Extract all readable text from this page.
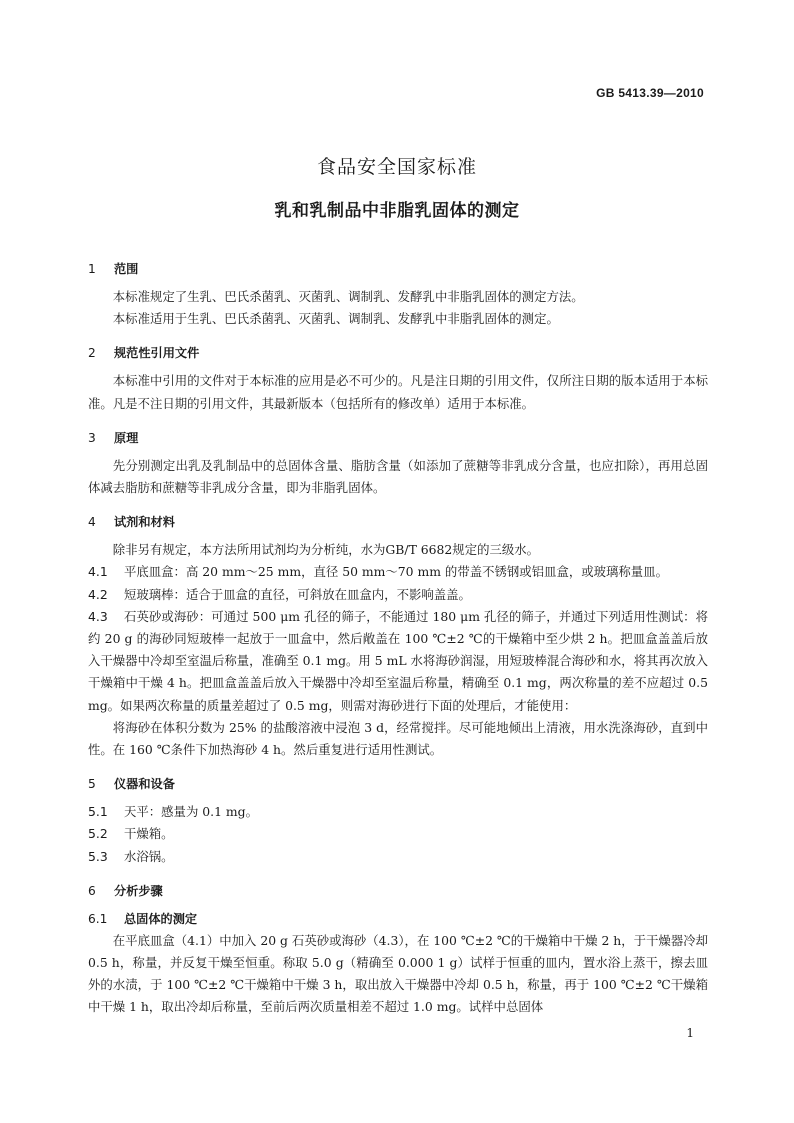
GB 5413.39—2010
食品安全国家标准
乳和乳制品中非脂乳固体的测定
1 范围

本标准规定了生乳、巴氏杀菌乳、灭菌乳、调制乳、发酵乳中非脂乳固体的测定方法。

本标准适用于生乳、巴氏杀菌乳、灭菌乳、调制乳、发酵乳中非脂乳固体的测定。

2 规范性引用文件

本标准中引用的文件对于本标准的应用是必不可少的。凡是注日期的引用文件，仅所注日期的版本适用于本标准。凡是不注日期的引用文件，其最新版本（包括所有的修改单）适用于本标准。

3 原理

先分别测定出乳及乳制品中的总固体含量、脂肪含量（如添加了蔗糖等非乳成分含量，也应扣除），再用总固体减去脂肪和蔗糖等非乳成分含量，即为非脂乳固体。

4 试剂和材料

除非另有规定，本方法所用试剂均为分析纯，水为GB/T 6682规定的三级水。

4.1 平底皿盒：高 20 mm～25 mm，直径 50 mm～70 mm 的带盖不锈钢或铝皿盒，或玻璃称量皿。

4.2 短玻璃棒：适合于皿盒的直径，可斜放在皿盒内，不影响盖盖。

4.3 石英砂或海砂：可通过 500 μm 孔径的筛子，不能通过 180 μm 孔径的筛子，并通过下列适用性测试：将约 20 g 的海砂同短玻棒一起放于一皿盒中，然后敞盖在 100 ℃±2 ℃的干燥箱中至少烘 2 h。把皿盒盖盖后放入干燥器中冷却至室温后称量，准确至 0.1 mg。用 5 mL 水将海砂润湿，用短玻棒混合海砂和水，将其再次放入干燥箱中干燥 4 h。把皿盒盖盖后放入干燥器中冷却至室温后称量，精确至 0.1 mg，两次称量的差不应超过 0.5 mg。如果两次称量的质量差超过了 0.5 mg，则需对海砂进行下面的处理后，才能使用：

将海砂在体积分数为 25% 的盐酸溶液中浸泡 3 d，经常搅拌。尽可能地倾出上清液，用水洗涤海砂，直到中性。在 160 ℃条件下加热海砂 4 h。然后重复进行适用性测试。

5 仪器和设备

5.1 天平：感量为 0.1 mg。

5.2 干燥箱。

5.3 水浴锅。

6 分析步骤
6.1 总固体的测定

在平底皿盒（4.1）中加入 20 g 石英砂或海砂（4.3），在 100 ℃±2 ℃的干燥箱中干燥 2 h，于干燥器冷却 0.5 h，称量，并反复干燥至恒重。称取 5.0 g（精确至 0.000 1 g）试样于恒重的皿内，置水浴上蒸干，擦去皿外的水渍，于 100 ℃±2 ℃干燥箱中干燥 3 h，取出放入干燥器中冷却 0.5 h，称量，再于 100 ℃±2 ℃干燥箱中干燥 1 h，取出冷却后称量，至前后两次质量相差不超过 1.0 mg。试样中总固体

1
